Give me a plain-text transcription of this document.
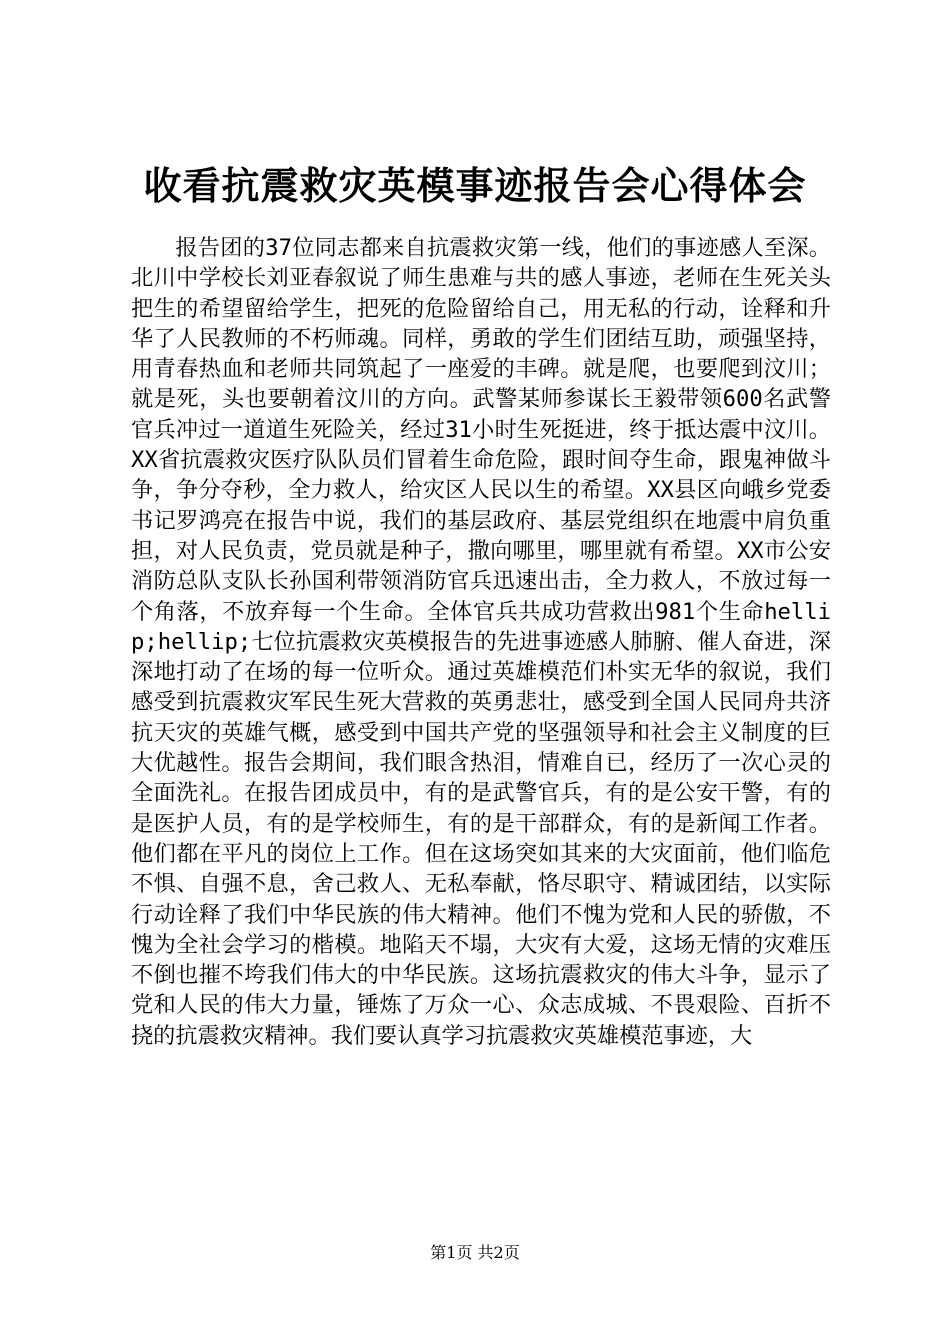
收看抗震救灾英模事迹报告会心得体会

报告团的37位同志都来自抗震救灾第一线，他们的事迹感人至深。北川中学校长刘亚春叙说了师生患难与共的感人事迹，老师在生死关头把生的希望留给学生，把死的危险留给自己，用无私的行动，诠释和升华了人民教师的不朽师魂。同样，勇敢的学生们团结互助，顽强坚持，用青春热血和老师共同筑起了一座爱的丰碑。就是爬，也要爬到汶川；就是死，头也要朝着汶川的方向。武警某师参谋长王毅带领600名武警官兵冲过一道道生死险关，经过31小时生死挺进，终于抵达震中汶川。XX省抗震救灾医疗队队员们冒着生命危险，跟时间夺生命，跟鬼神做斗争，争分夺秒，全力救人，给灾区人民以生的希望。XX县区向峨乡党委书记罗鸿亮在报告中说，我们的基层政府、基层党组织在地震中肩负重担，对人民负责，党员就是种子，撒向哪里，哪里就有希望。XX市公安消防总队支队长孙国利带领消防官兵迅速出击，全力救人，不放过每一个角落，不放弃每一个生命。全体官兵共成功营救出981个生命hellip;hellip;七位抗震救灾英模报告的先进事迹感人肺腑、催人奋进，深深地打动了在场的每一位听众。通过英雄模范们朴实无华的叙说，我们感受到抗震救灾军民生死大营救的英勇悲壮，感受到全国人民同舟共济抗天灾的英雄气概，感受到中国共产党的坚强领导和社会主义制度的巨大优越性。报告会期间，我们眼含热泪，情难自已，经历了一次心灵的全面洗礼。在报告团成员中，有的是武警官兵，有的是公安干警，有的是医护人员，有的是学校师生，有的是干部群众，有的是新闻工作者。他们都在平凡的岗位上工作。但在这场突如其来的大灾面前，他们临危不惧、自强不息，舍己救人、无私奉献，恪尽职守、精诚团结，以实际行动诠释了我们中华民族的伟大精神。他们不愧为党和人民的骄傲，不愧为全社会学习的楷模。地陷天不塌，大灾有大爱，这场无情的灾难压不倒也摧不垮我们伟大的中华民族。这场抗震救灾的伟大斗争，显示了党和人民的伟大力量，锤炼了万众一心、众志成城、不畏艰险、百折不挠的抗震救灾精神。我们要认真学习抗震救灾英雄模范事迹，大

第1页 共2页
